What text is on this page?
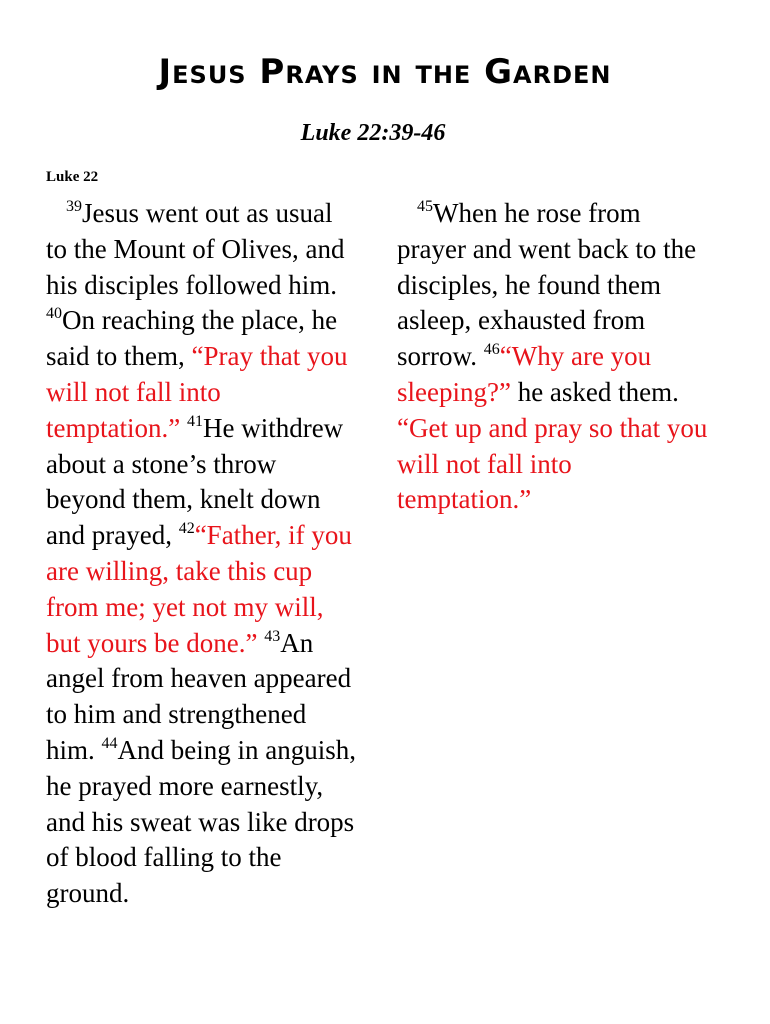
Jesus Prays in the Garden
Luke 22:39-46
Luke 22

$^{39}$Jesus went out as usual to the Mount of Olives, and his disciples followed him. $^{40}$On reaching the place, he said to them, “Pray that you will not fall into temptation.” $^{41}$He withdrew about a stone’s throw beyond them, knelt down and prayed, $^{42}$“Father, if you are willing, take this cup from me; yet not my will, but yours be done.” $^{43}$An angel from heaven appeared to him and strengthened him. $^{44}$And being in anguish, he prayed more earnestly, and his sweat was like drops of blood falling to the ground.

$^{45}$When he rose from prayer and went back to the disciples, he found them asleep, exhausted from sorrow. $^{46}$“Why are you sleeping?” he asked them. “Get up and pray so that you will not fall into temptation.”
